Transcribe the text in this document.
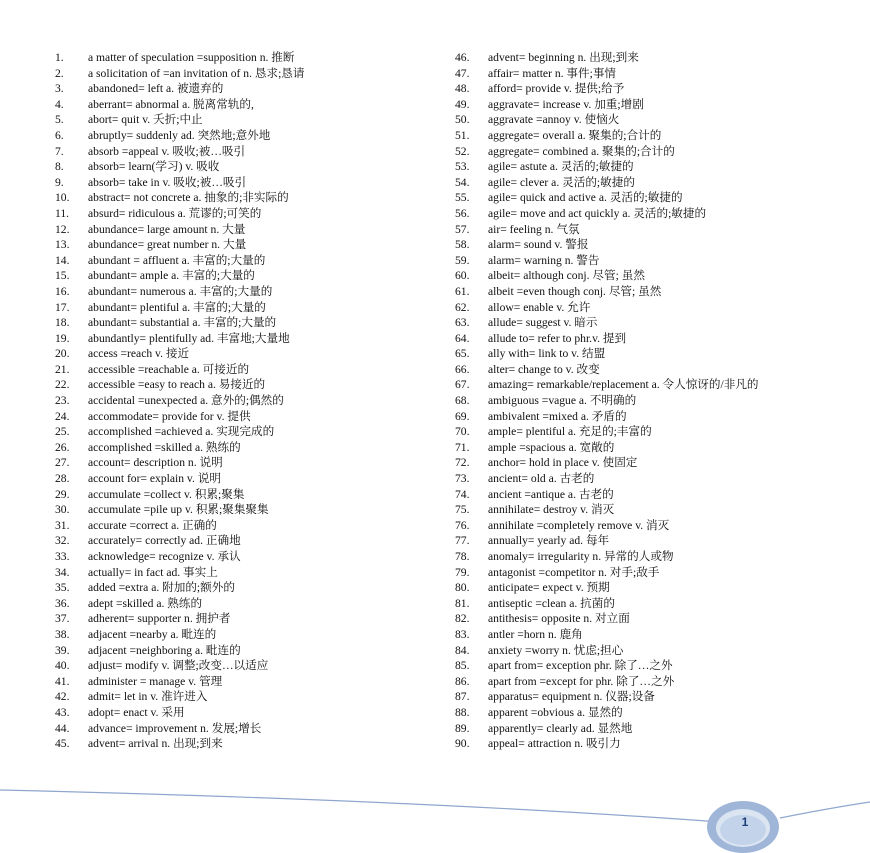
1.	a matter of speculation =supposition n. 推断
2.	a solicitation of =an invitation of n. 恳求;恳请
3.	abandoned= left a. 被遗弃的
4.	aberrant= abnormal a. 脱离常轨的,
5.	abort= quit v. 夭折;中止
6.	abruptly= suddenly ad. 突然地;意外地
7.	absorb =appeal v. 吸收;被…吸引
8.	absorb= learn(学习) v. 吸收
9.	absorb= take in v. 吸收;被…吸引
10.	abstract= not concrete a. 抽象的;非实际的
11.	absurd= ridiculous a. 荒谬的;可笑的
12.	abundance= large amount n. 大量
13.	abundance= great number n. 大量
14.	abundant = affluent a. 丰富的;大量的
15.	abundant= ample a. 丰富的;大量的
16.	abundant= numerous a. 丰富的;大量的
17.	abundant= plentiful a. 丰富的;大量的
18.	abundant= substantial a. 丰富的;大量的
19.	abundantly= plentifully ad. 丰富地;大量地
20.	access =reach v. 接近
21.	accessible =reachable a. 可接近的
22.	accessible =easy to reach a. 易接近的
23.	accidental =unexpected a. 意外的;偶然的
24.	accommodate= provide for v. 提供
25.	accomplished =achieved a. 实现完成的
26.	accomplished =skilled a. 熟练的
27.	account= description n. 说明
28.	account for= explain v. 说明
29.	accumulate =collect v. 积累;聚集
30.	accumulate =pile up v. 积累;聚集聚集
31.	accurate =correct a. 正确的
32.	accurately= correctly ad. 正确地
33.	acknowledge= recognize v. 承认
34.	actually= in fact ad. 事实上
35.	added =extra a. 附加的;额外的
36.	adept =skilled a. 熟练的
37.	adherent= supporter n. 拥护者
38.	adjacent =nearby a. 毗连的
39.	adjacent =neighboring a. 毗连的
40.	adjust= modify v. 调整;改变…以适应
41.	administer = manage v. 管理
42.	admit= let in v. 准许进入
43.	adopt= enact v. 采用
44.	advance= improvement n. 发展;增长
45.	advent= arrival n. 出现;到来
46.	advent= beginning n. 出现;到来
47.	affair= matter n. 事件;事情
48.	afford= provide v. 提供;给予
49.	aggravate= increase v. 加重;增剧
50.	aggravate =annoy v. 使恼火
51.	aggregate= overall a. 聚集的;合计的
52.	aggregate= combined a. 聚集的;合计的
53.	agile= astute a. 灵活的;敏捷的
54.	agile= clever a. 灵活的;敏捷的
55.	agile= quick and active a. 灵活的;敏捷的
56.	agile= move and act quickly a. 灵活的;敏捷的
57.	air= feeling n. 气氛
58.	alarm= sound v. 警报
59.	alarm= warning n. 警告
60.	albeit= although conj. 尽管; 虽然
61.	albeit =even though conj. 尽管; 虽然
62.	allow= enable v. 允许
63.	allude= suggest v. 暗示
64.	allude to= refer to phr.v. 提到
65.	ally with= link to v. 结盟
66.	alter= change to v. 改变
67.	amazing= remarkable/replacement a. 令人惊讶的/非凡的
68.	ambiguous =vague a. 不明确的
69.	ambivalent =mixed a. 矛盾的
70.	ample= plentiful a. 充足的;丰富的
71.	ample =spacious a. 宽敞的
72.	anchor= hold in place v. 使固定
73.	ancient= old a. 古老的
74.	ancient =antique a. 古老的
75.	annihilate= destroy v. 消灭
76.	annihilate =completely remove v. 消灭
77.	annually= yearly ad. 每年
78.	anomaly= irregularity n. 异常的人或物
79.	antagonist =competitor n. 对手;敌手
80.	anticipate= expect v. 预期
81.	antiseptic =clean a. 抗菌的
82.	antithesis= opposite n. 对立面
83.	antler =horn n. 鹿角
84.	anxiety =worry n. 忧虑;担心
85.	apart from= exception phr. 除了…之外
86.	apart from =except for phr. 除了…之外
87.	apparatus= equipment n. 仪器;设备
88.	apparent =obvious a. 显然的
89.	apparently= clearly ad. 显然地
90.	appeal= attraction n. 吸引力
1
